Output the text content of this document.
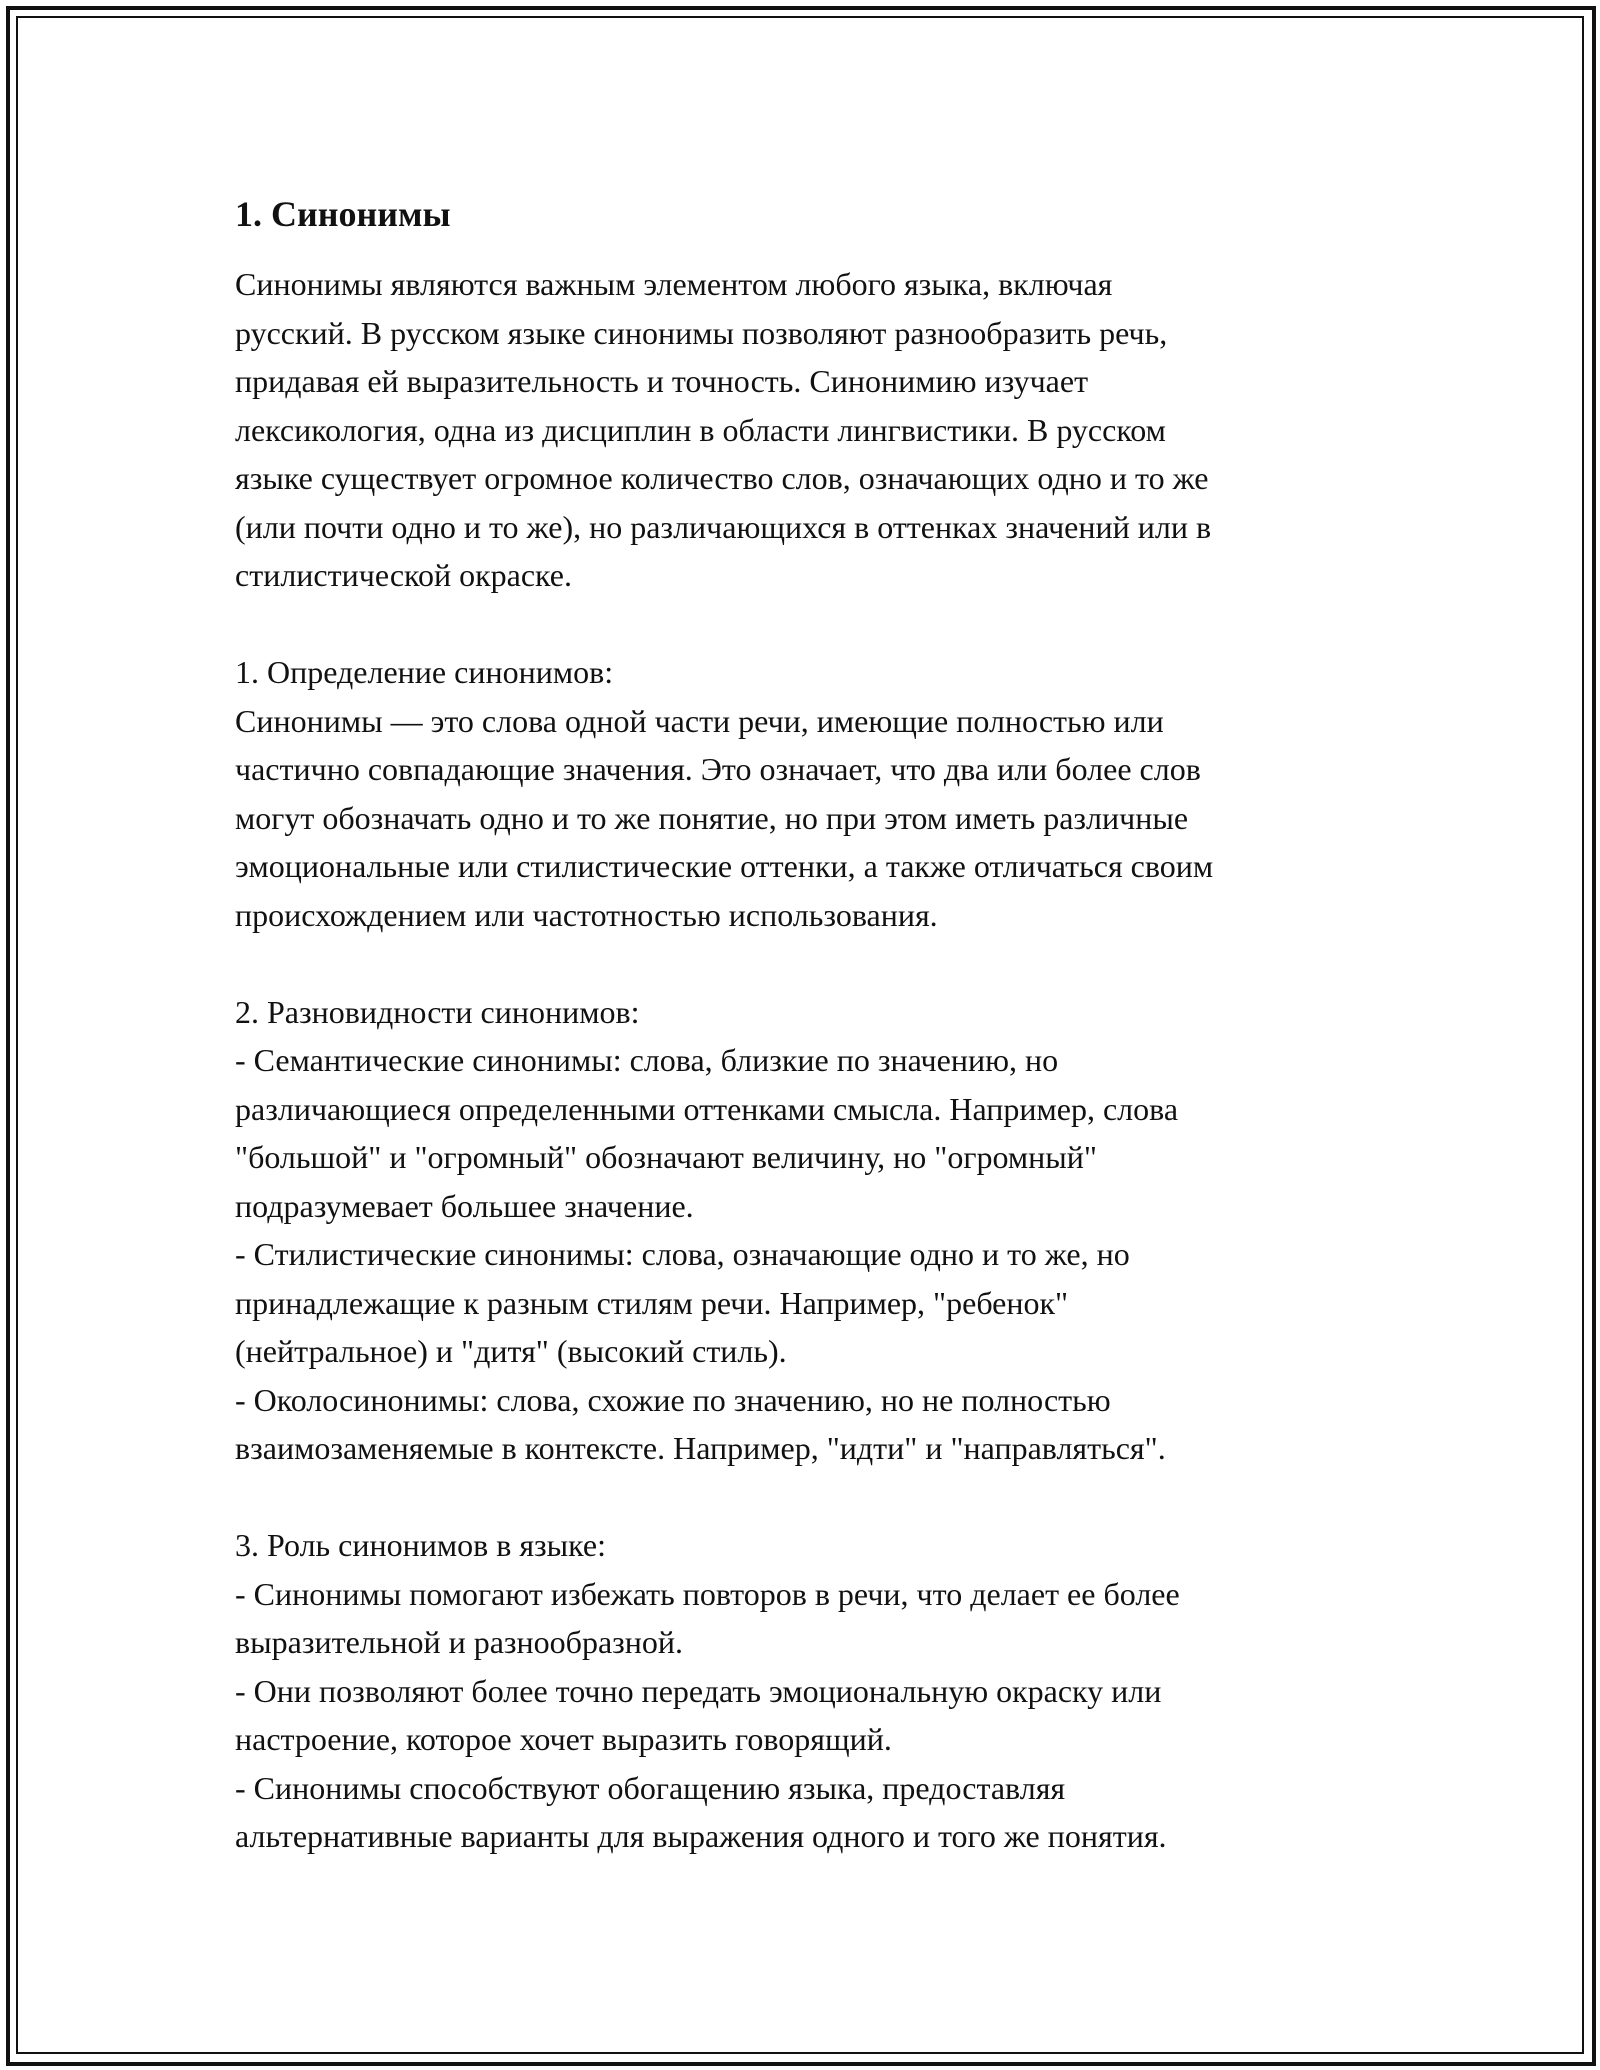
1. Синонимы

Синонимы являются важным элементом любого языка, включая
русский. В русском языке синонимы позволяют разнообразить речь,
придавая ей выразительность и точность. Синонимию изучает
лексикология, одна из дисциплин в области лингвистики. В русском
языке существует огромное количество слов, означающих одно и то же
(или почти одно и то же), но различающихся в оттенках значений или в
стилистической окраске.

1. Определение синонимов:
Синонимы — это слова одной части речи, имеющие полностью или
частично совпадающие значения. Это означает, что два или более слов
могут обозначать одно и то же понятие, но при этом иметь различные
эмоциональные или стилистические оттенки, а также отличаться своим
происхождением или частотностью использования.

2. Разновидности синонимов:
- Семантические синонимы: слова, близкие по значению, но
различающиеся определенными оттенками смысла. Например, слова
"большой" и "огромный" обозначают величину, но "огромный"
подразумевает большее значение.
- Стилистические синонимы: слова, означающие одно и то же, но
принадлежащие к разным стилям речи. Например, "ребенок"
(нейтральное) и "дитя" (высокий стиль).
- Околосинонимы: слова, схожие по значению, но не полностью
взаимозаменяемые в контексте. Например, "идти" и "направляться".

3. Роль синонимов в языке:
- Синонимы помогают избежать повторов в речи, что делает ее более
выразительной и разнообразной.
- Они позволяют более точно передать эмоциональную окраску или
настроение, которое хочет выразить говорящий.
- Синонимы способствуют обогащению языка, предоставляя
альтернативные варианты для выражения одного и того же понятия.
